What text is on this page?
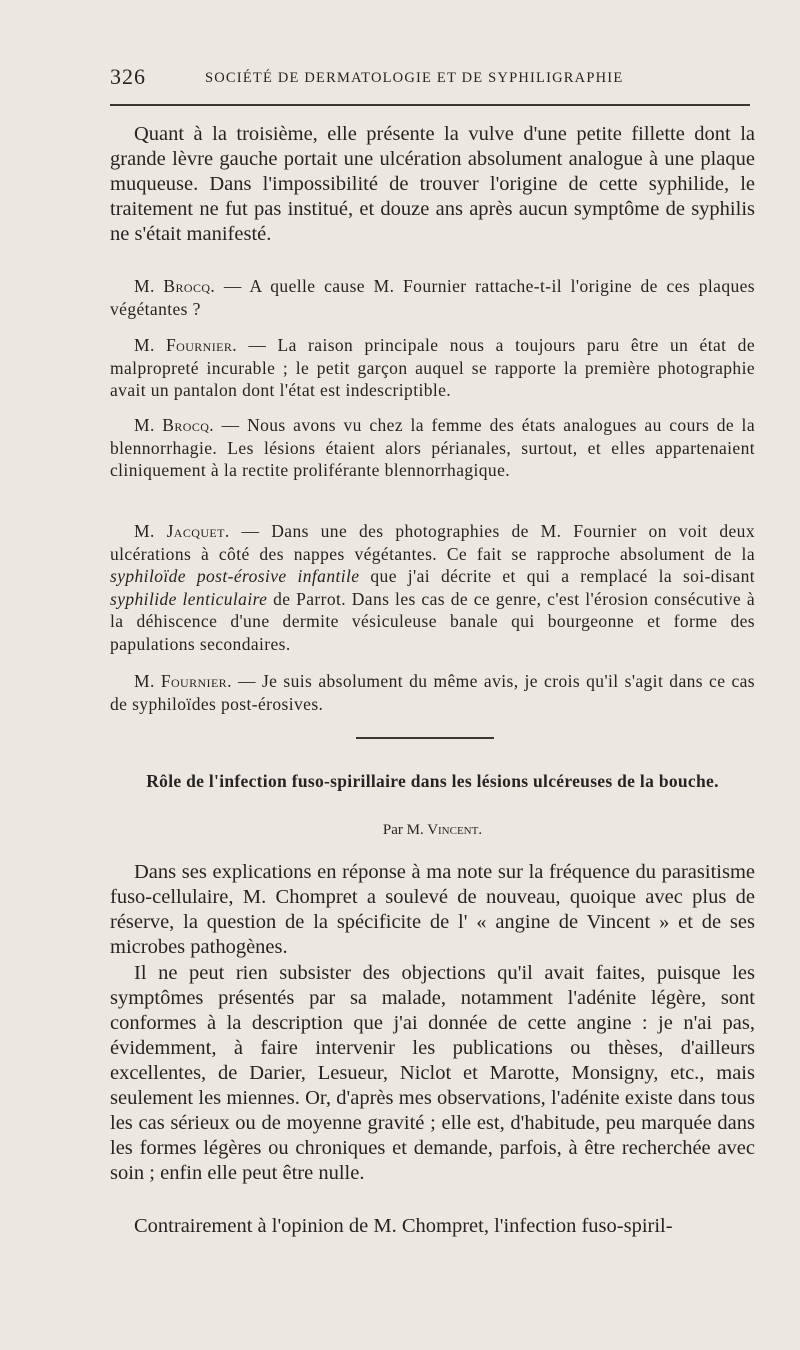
326	SOCIÉTÉ DE DERMATOLOGIE ET DE SYPHILIGRAPHIE

Quant à la troisième, elle présente la vulve d'une petite fillette dont la grande lèvre gauche portait une ulcération absolument analogue à une plaque muqueuse. Dans l'impossibilité de trouver l'origine de cette syphilide, le traitement ne fut pas institué, et douze ans après aucun symptôme de syphilis ne s'était manifesté.

M. Brocq. — A quelle cause M. Fournier rattache-t-il l'origine de ces plaques végétantes ?

M. Fournier. — La raison principale nous a toujours paru être un état de malpropreté incurable ; le petit garçon auquel se rapporte la première photographie avait un pantalon dont l'état est indescriptible.

M. Brocq. — Nous avons vu chez la femme des états analogues au cours de la blennorrhagie. Les lésions étaient alors périanales, surtout, et elles appartenaient cliniquement à la rectite proliférante blennorrhagique.

M. Jacquet. — Dans une des photographies de M. Fournier on voit deux ulcérations à côté des nappes végétantes. Ce fait se rapproche absolument de la syphiloïde post-érosive infantile que j'ai décrite et qui a remplacé la soi-disant syphilide lenticulaire de Parrot. Dans les cas de ce genre, c'est l'érosion consécutive à la déhiscence d'une dermite vésiculeuse banale qui bourgeonne et forme des papulations secondaires.

M. Fournier. — Je suis absolument du même avis, je crois qu'il s'agit dans ce cas de syphiloïdes post-érosives.

Rôle de l'infection fuso-spirillaire dans les lésions ulcéreuses de la bouche.
Par M. Vincent.

Dans ses explications en réponse à ma note sur la fréquence du parasitisme fuso-cellulaire, M. Chompret a soulevé de nouveau, quoique avec plus de réserve, la question de la spécificite de l' « angine de Vincent » et de ses microbes pathogènes.

Il ne peut rien subsister des objections qu'il avait faites, puisque les symptômes présentés par sa malade, notamment l'adénite légère, sont conformes à la description que j'ai donnée de cette angine : je n'ai pas, évidemment, à faire intervenir les publications ou thèses, d'ailleurs excellentes, de Darier, Lesueur, Niclot et Marotte, Monsigny, etc., mais seulement les miennes. Or, d'après mes observations, l'adénite existe dans tous les cas sérieux ou de moyenne gravité ; elle est, d'habitude, peu marquée dans les formes légères ou chroniques et demande, parfois, à être recherchée avec soin ; enfin elle peut être nulle.

Contrairement à l'opinion de M. Chompret, l'infection fuso-spiril-
